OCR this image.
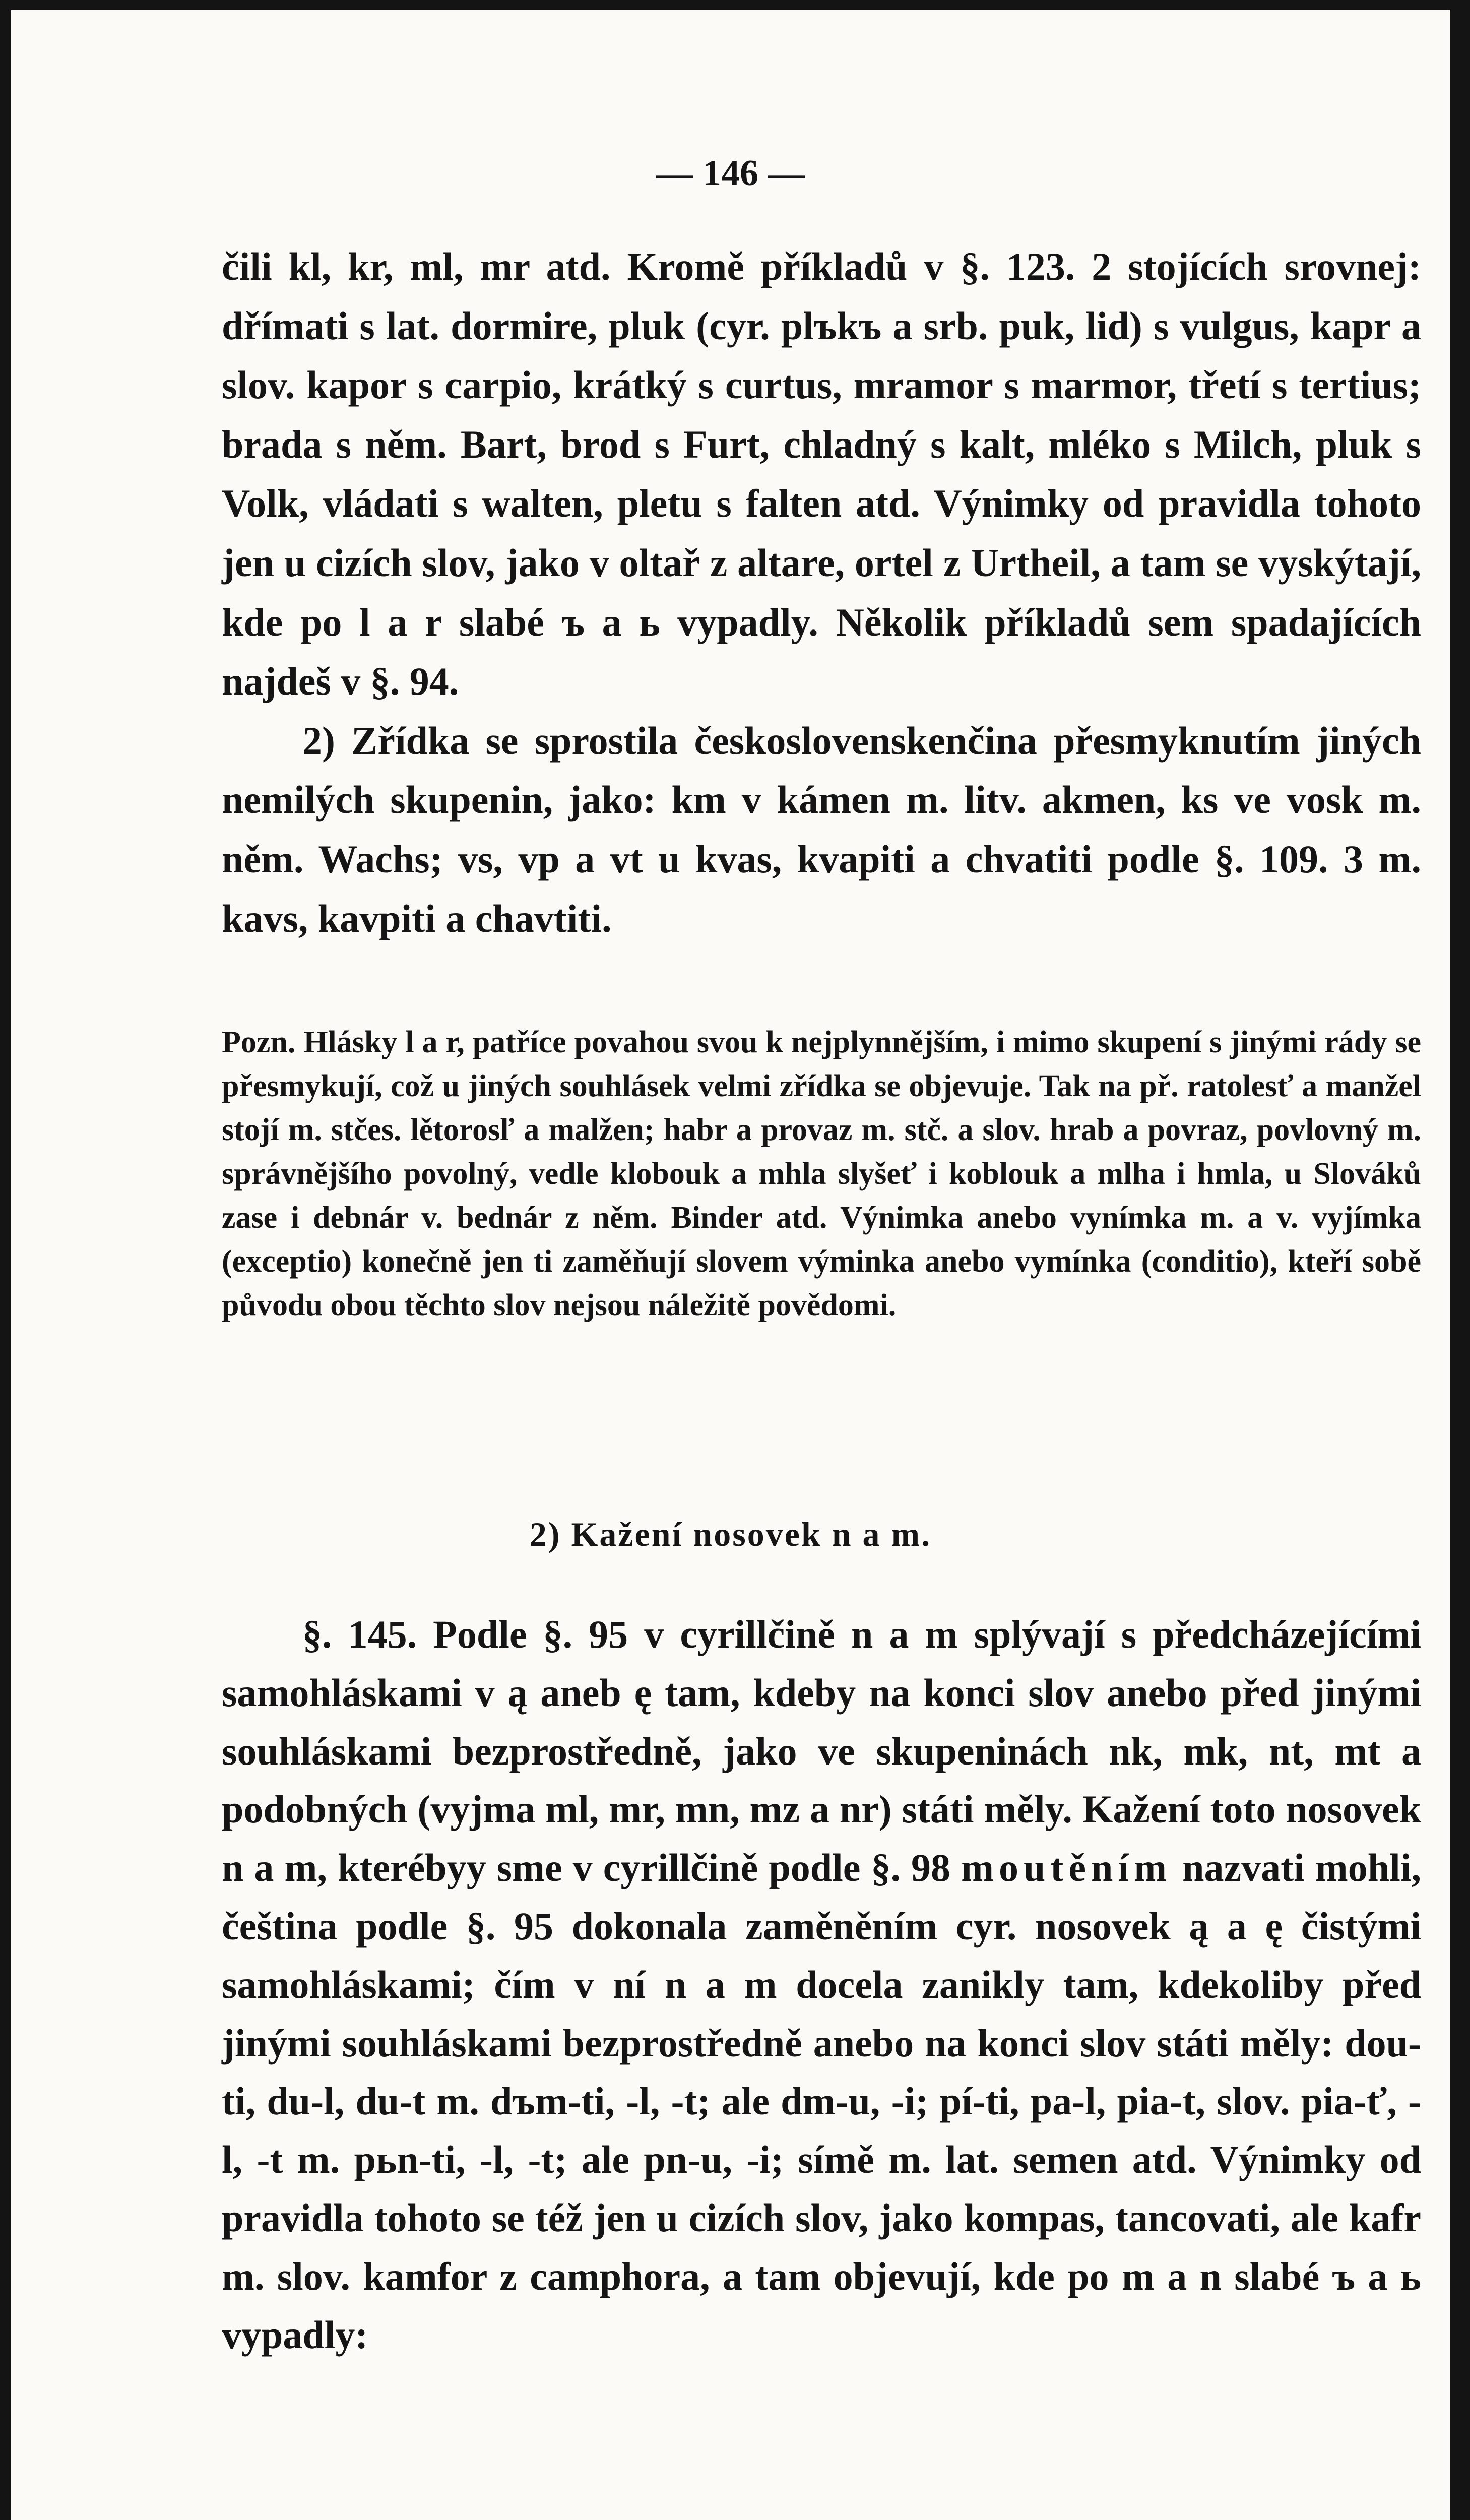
— 146 —

čili kl, kr, ml, mr atd. Kromě příkladů v §. 123. 2 stojících srovnej: dřímati s lat. dormire, pluk (cyr. plъkъ a srb. puk, lid) s vulgus, kapr a slov. kapor s carpio, krátký s curtus, mramor s marmor, třetí s tertius; brada s něm. Bart, brod s Furt, chladný s kalt, mléko s Milch, pluk s Volk, vládati s walten, pletu s falten atd. Výnimky od pravidla tohoto jen u cizích slov, jako v oltař z altare, ortel z Urtheil, a tam se vyskýtají, kde po l a r slabé ъ a ь vypadly. Několik příkladů sem spadajících najdeš v §. 94.

2) Zřídka se sprostila československenčina přesmyknutím jiných nemilých skupenin, jako: km v kámen m. litv. akmen, ks ve vosk m. něm. Wachs; vs, vp a vt u kvas, kvapiti a chvatiti podle §. 109. 3 m. kavs, kavpiti a chavtiti.

Pozn. Hlásky l a r, patříce povahou svou k nejplynnějším, i mimo skupení s jinými rády se přesmykují, což u jiných souhlásek velmi zřídka se objevuje. Tak na př. ratolesť a manžel stojí m. stčes. lětorosľ a malžen; habr a provaz m. stč. a slov. hrab a povraz, povlovný m. správnějšího povolný, vedle klobouk a mhla slyšeť i koblouk a mlha i hmla, u Slováků zase i debnár v. bednár z něm. Binder atd. Výnimka anebo vynímka m. a v. vyjímka (exceptio) konečně jen ti zaměňují slovem výminka anebo vymínka (conditio), kteří sobě původu obou těchto slov nejsou náležitě povědomi.
2) Kažení nosovek n a m.

§. 145. Podle §. 95 v cyrillčině n a m splývají s předcházejícími samohláskami v ą aneb ę tam, kdeby na konci slov anebo před jinými souhláskami bezprostředně, jako ve skupeninách nk, mk, nt, mt a podobných (vyjma ml, mr, mn, mz a nr) státi měly. Kažení toto nosovek n a m, kterébyy sme v cyrillčině podle §. 98 moutěním nazvati mohli, čeština podle §. 95 dokonala zaměněním cyr. nosovek ą a ę čistými samohláskami; čím v ní n a m docela zanikly tam, kdekoliby před jinými souhláskami bezprostředně anebo na konci slov státi měly: dou-ti, du-l, du-t m. dъm-ti, -l, -t; ale dm-u, -i; pí-ti, pa-l, pia-t, slov. pia-ť, -l, -t m. pьn-ti, -l, -t; ale pn-u, -i; símě m. lat. semen atd. Výnimky od pravidla tohoto se též jen u cizích slov, jako kompas, tancovati, ale kafr m. slov. kamfor z camphora, a tam objevují, kde po m a n slabé ъ a ь vypadly:
